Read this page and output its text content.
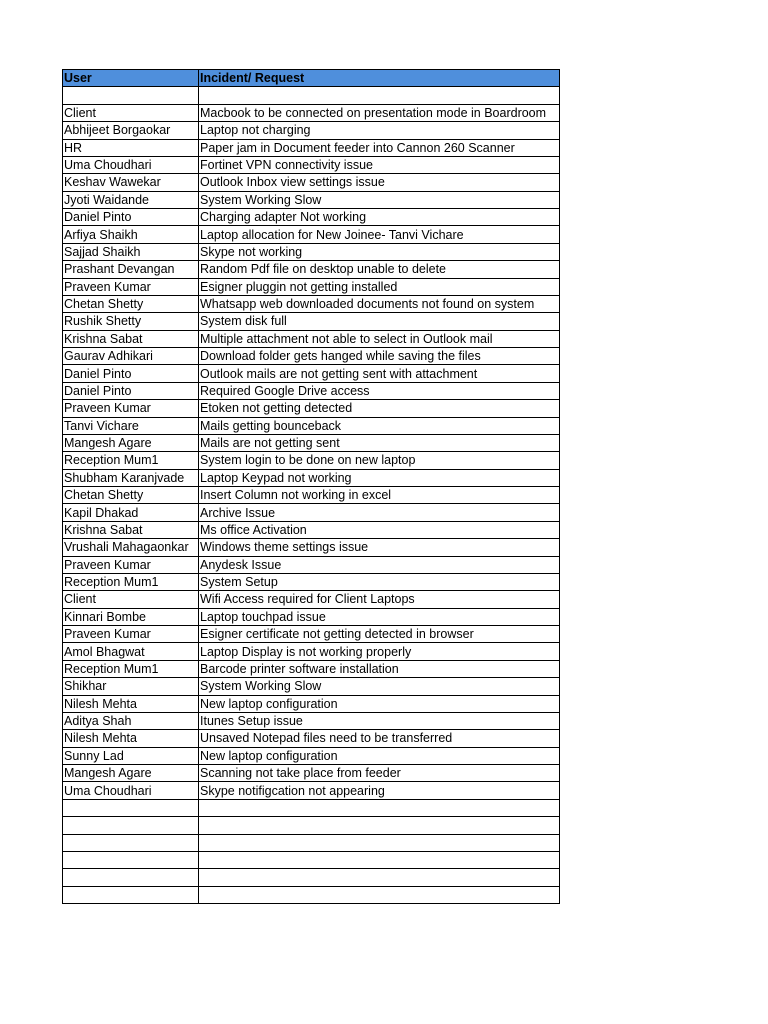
User	Incident/ Request

Client	Macbook to be connected on presentation mode in Boardroom
Abhijeet Borgaokar	Laptop not charging
HR	Paper jam in Document feeder into Cannon 260 Scanner
Uma Choudhari	Fortinet VPN connectivity issue
Keshav Wawekar	Outlook Inbox view settings issue
Jyoti Waidande	System Working Slow
Daniel Pinto	Charging adapter Not working
Arfiya Shaikh	Laptop allocation for New Joinee- Tanvi Vichare
Sajjad Shaikh	Skype not working
Prashant Devangan	Random Pdf file on desktop unable to delete
Praveen Kumar	Esigner pluggin not getting installed
Chetan Shetty	Whatsapp web downloaded documents not found on system
Rushik Shetty	System disk full
Krishna Sabat	Multiple attachment not able to select in Outlook mail
Gaurav Adhikari	Download folder gets hanged while saving the files
Daniel Pinto	Outlook mails are not getting sent with attachment
Daniel Pinto	Required Google Drive access
Praveen Kumar	Etoken not getting detected
Tanvi Vichare	Mails getting bounceback
Mangesh Agare	Mails are not getting sent
Reception Mum1	System login to be done on new laptop
Shubham Karanjvade	Laptop Keypad not working
Chetan Shetty	Insert Column not working in excel
Kapil Dhakad	Archive Issue
Krishna Sabat	Ms office Activation
Vrushali Mahagaonkar	Windows theme settings issue
Praveen Kumar	Anydesk Issue
Reception Mum1	System Setup
Client	Wifi Access required for Client Laptops
Kinnari Bombe	Laptop touchpad issue
Praveen Kumar	Esigner certificate not getting detected in browser
Amol Bhagwat	Laptop Display is not working properly
Reception Mum1	Barcode printer software installation
Shikhar	System Working Slow
Nilesh Mehta	New laptop configuration
Aditya Shah	Itunes Setup issue
Nilesh Mehta	Unsaved Notepad files need to be transferred
Sunny Lad	New laptop configuration
Mangesh Agare	Scanning not take place from feeder
Uma Choudhari	Skype notifigcation not appearing
